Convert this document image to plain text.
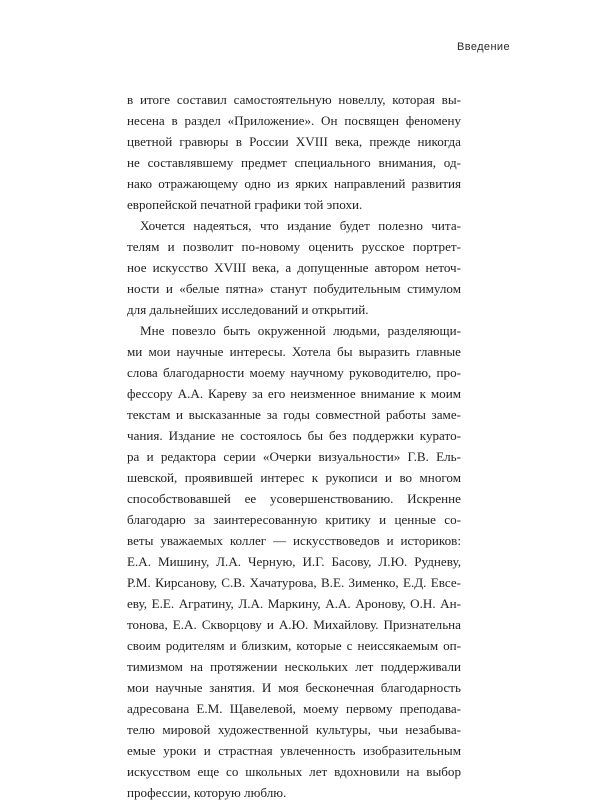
Введение
в итоге составил самостоятельную новеллу, которая вы-
несена в раздел «Приложение». Он посвящен феномену
цветной гравюры в России XVIII века, прежде никогда
не составлявшему предмет специального внимания, од-
нако отражающему одно из ярких направлений развития
европейской печатной графики той эпохи.
Хочется надеяться, что издание будет полезно чита-
телям и позволит по-новому оценить русское портрет-
ное искусство XVIII века, а допущенные автором неточ-
ности и «белые пятна» станут побудительным стимулом
для дальнейших исследований и открытий.
Мне повезло быть окруженной людьми, разделяющи-
ми мои научные интересы. Хотела бы выразить главные
слова благодарности моему научному руководителю, про-
фессору А.А. Кареву за его неизменное внимание к моим
текстам и высказанные за годы совместной работы заме-
чания. Издание не состоялось бы без поддержки курато-
ра и редактора серии «Очерки визуальности» Г.В. Ель-
шевской, проявившей интерес к рукописи и во многом
способствовавшей ее усовершенствованию. Искренне
благодарю за заинтересованную критику и ценные со-
веты уважаемых коллег — искусствоведов и историков:
Е.А. Мишину, Л.А. Черную, И.Г. Басову, Л.Ю. Рудневу,
Р.М. Кирсанову, С.В. Хачатурова, В.Е. Зименко, Е.Д. Евсе-
еву, Е.Е. Агратину, Л.А. Маркину, А.А. Аронову, О.Н. Ан-
тонова, Е.А. Скворцову и А.Ю. Михайлову. Признательна
своим родителям и близким, которые с неиссякаемым оп-
тимизмом на протяжении нескольких лет поддерживали
мои научные занятия. И моя бесконечная благодарность
адресована Е.М. Щавелевой, моему первому преподава-
телю мировой художественной культуры, чьи незабыва-
емые уроки и страстная увлеченность изобразительным
искусством еще со школьных лет вдохновили на выбор
профессии, которую люблю.
